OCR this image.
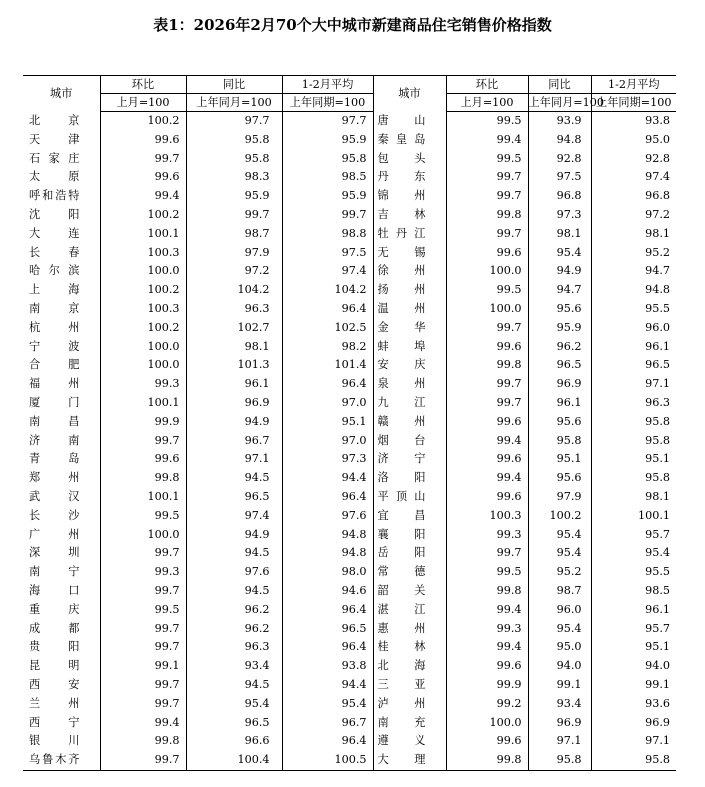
表1：2026年2月70个大中城市新建商品住宅销售价格指数
城市	环比	同比	1-2月平均	城市	环比	同比	1-2月平均
	上月=100	上年同月=100	上年同期=100		上月=100	上年同月=100	上年同期=100
北京	100.2	97.7	97.7	唐山	99.5	93.9	93.8
天津	99.6	95.8	95.9	秦皇岛	99.4	94.8	95.0
石家庄	99.7	95.8	95.8	包头	99.5	92.8	92.8
太原	99.6	98.3	98.5	丹东	99.7	97.5	97.4
呼和浩特	99.4	95.9	95.9	锦州	99.7	96.8	96.8
沈阳	100.2	99.7	99.7	吉林	99.8	97.3	97.2
大连	100.1	98.7	98.8	牡丹江	99.7	98.1	98.1
长春	100.3	97.9	97.5	无锡	99.6	95.4	95.2
哈尔滨	100.0	97.2	97.4	徐州	100.0	94.9	94.7
上海	100.2	104.2	104.2	扬州	99.5	94.7	94.8
南京	100.3	96.3	96.4	温州	100.0	95.6	95.5
杭州	100.2	102.7	102.5	金华	99.7	95.9	96.0
宁波	100.0	98.1	98.2	蚌埠	99.6	96.2	96.1
合肥	100.0	101.3	101.4	安庆	99.8	96.5	96.5
福州	99.3	96.1	96.4	泉州	99.7	96.9	97.1
厦门	100.1	96.9	97.0	九江	99.7	96.1	96.3
南昌	99.9	94.9	95.1	赣州	99.6	95.6	95.8
济南	99.7	96.7	97.0	烟台	99.4	95.8	95.8
青岛	99.6	97.1	97.3	济宁	99.6	95.1	95.1
郑州	99.8	94.5	94.4	洛阳	99.4	95.6	95.8
武汉	100.1	96.5	96.4	平顶山	99.6	97.9	98.1
长沙	99.5	97.4	97.6	宜昌	100.3	100.2	100.1
广州	100.0	94.9	94.8	襄阳	99.3	95.4	95.7
深圳	99.7	94.5	94.8	岳阳	99.7	95.4	95.4
南宁	99.3	97.6	98.0	常德	99.5	95.2	95.5
海口	99.7	94.5	94.6	韶关	99.8	98.7	98.5
重庆	99.5	96.2	96.4	湛江	99.4	96.0	96.1
成都	99.7	96.2	96.5	惠州	99.3	95.4	95.7
贵阳	99.7	96.3	96.4	桂林	99.4	95.0	95.1
昆明	99.1	93.4	93.8	北海	99.6	94.0	94.0
西安	99.7	94.5	94.4	三亚	99.9	99.1	99.1
兰州	99.7	95.4	95.4	泸州	99.2	93.4	93.6
西宁	99.4	96.5	96.7	南充	100.0	96.9	96.9
银川	99.8	96.6	96.4	遵义	99.6	97.1	97.1
乌鲁木齐	99.7	100.4	100.5	大理	99.8	95.8	95.8
